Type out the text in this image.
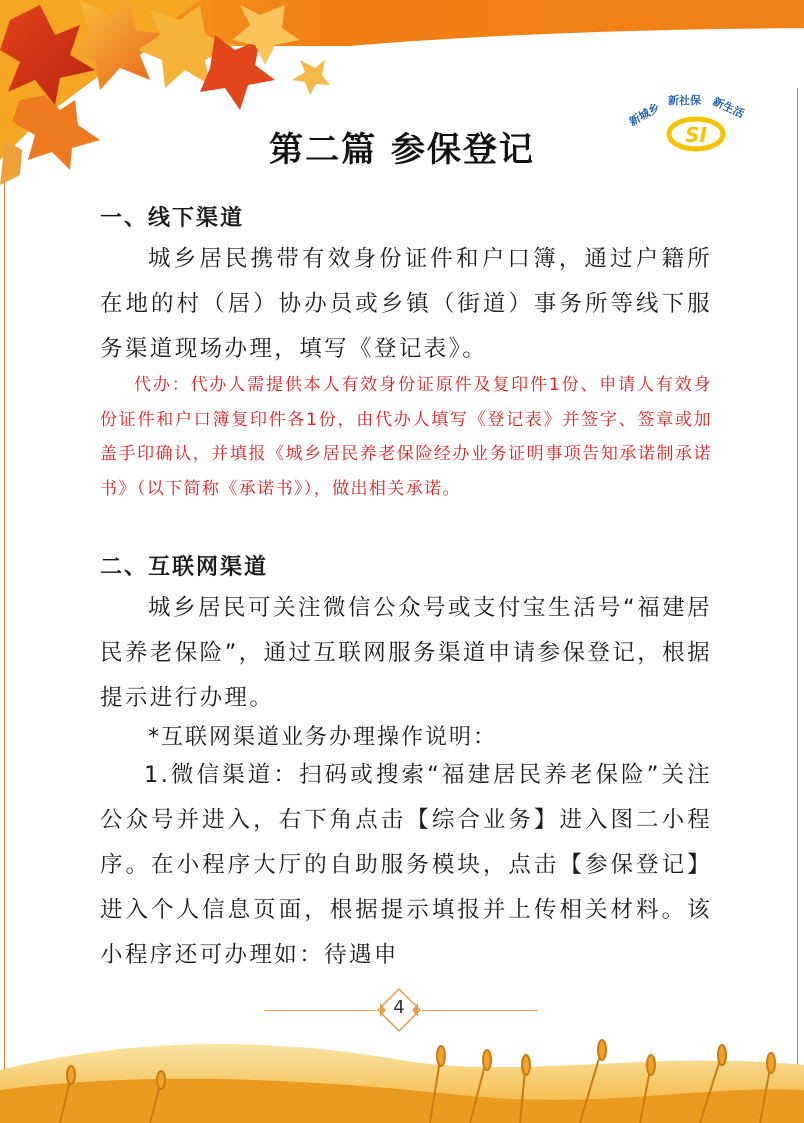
新城乡
新社保 新生活
SI
第二篇 参保登记
一、线下渠道
城乡居民携带有效身份证件和户口簿，通过户籍所在地的村（居）协办员或乡镇（街道）事务所等线下服务渠道现场办理，填写《登记表》。
代办：代办人需提供本人有效身份证原件及复印件1份、申请人有效身份证件和户口簿复印件各1份，由代办人填写《登记表》并签字、签章或加盖手印确认，并填报《城乡居民养老保险经办业务证明事项告知承诺制承诺书》（以下简称《承诺书》），做出相关承诺。
二、互联网渠道
城乡居民可关注微信公众号或支付宝生活号“福建居民养老保险”，通过互联网服务渠道申请参保登记，根据提示进行办理。
*互联网渠道业务办理操作说明：
1.微信渠道：扫码或搜索“福建居民养老保险”关注公众号并进入，右下角点击【综合业务】进入图二小程序。在小程序大厅的自助服务模块，点击【参保登记】进入个人信息页面，根据提示填报并上传相关材料。该小程序还可办理如：待遇申
4
